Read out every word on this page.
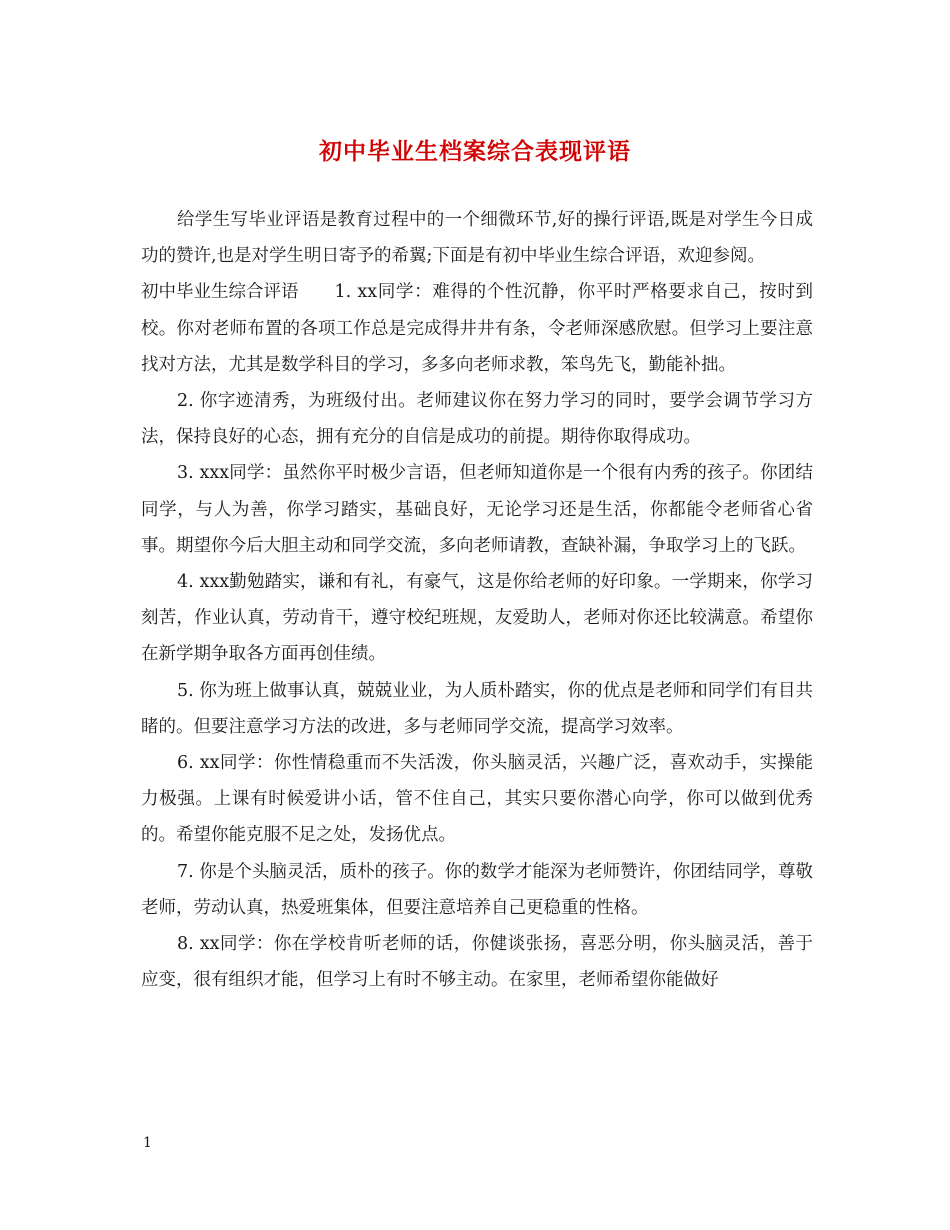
初中毕业生档案综合表现评语

给学生写毕业评语是教育过程中的一个细微环节,好的操行评语,既是对学生今日成功的赞许,也是对学生明日寄予的希翼;下面是有初中毕业生综合评语，欢迎参阅。

初中毕业生综合评语 1. xx同学：难得的个性沉静，你平时严格要求自己，按时到校。你对老师布置的各项工作总是完成得井井有条，令老师深感欣慰。但学习上要注意找对方法，尤其是数学科目的学习，多多向老师求教，笨鸟先飞，勤能补拙。

2. 你字迹清秀，为班级付出。老师建议你在努力学习的同时，要学会调节学习方法，保持良好的心态，拥有充分的自信是成功的前提。期待你取得成功。

3. xxx同学：虽然你平时极少言语，但老师知道你是一个很有内秀的孩子。你团结同学，与人为善，你学习踏实，基础良好，无论学习还是生活，你都能令老师省心省事。期望你今后大胆主动和同学交流，多向老师请教，查缺补漏，争取学习上的飞跃。

4. xxx勤勉踏实，谦和有礼，有豪气，这是你给老师的好印象。一学期来，你学习刻苦，作业认真，劳动肯干，遵守校纪班规，友爱助人，老师对你还比较满意。希望你在新学期争取各方面再创佳绩。

5. 你为班上做事认真，兢兢业业，为人质朴踏实，你的优点是老师和同学们有目共睹的。但要注意学习方法的改进，多与老师同学交流，提高学习效率。

6. xx同学：你性情稳重而不失活泼，你头脑灵活，兴趣广泛，喜欢动手，实操能力极强。上课有时候爱讲小话，管不住自己，其实只要你潜心向学，你可以做到优秀的。希望你能克服不足之处，发扬优点。

7. 你是个头脑灵活，质朴的孩子。你的数学才能深为老师赞许，你团结同学，尊敬老师，劳动认真，热爱班集体，但要注意培养自己更稳重的性格。

8. xx同学：你在学校肯听老师的话，你健谈张扬，喜恶分明，你头脑灵活，善于应变，很有组织才能，但学习上有时不够主动。在家里，老师希望你能做好

1
